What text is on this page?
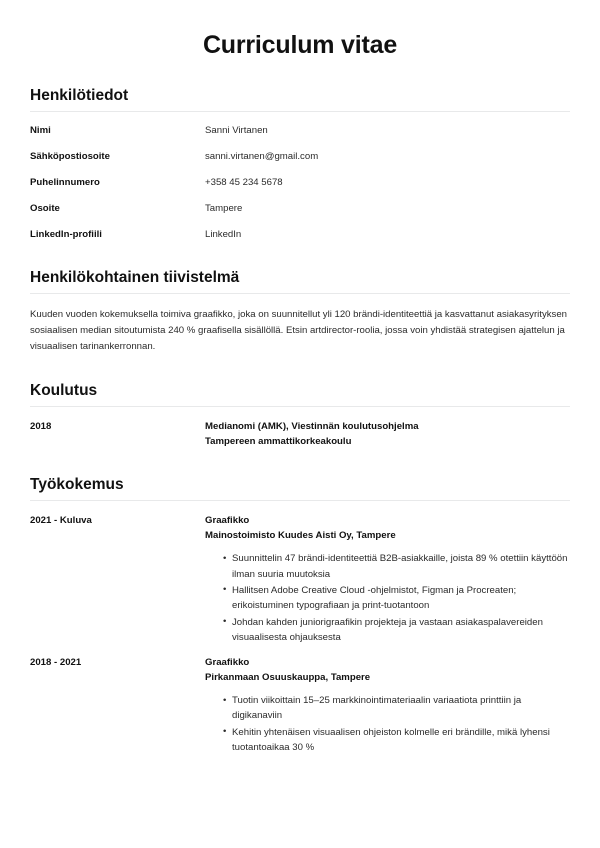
Curriculum vitae
Henkilötiedot
Nimi	Sanni Virtanen
Sähköpostiosoite	sanni.virtanen@gmail.com
Puhelinnumero	+358 45 234 5678
Osoite	Tampere
LinkedIn-profiili	LinkedIn
Henkilökohtainen tiivistelmä

Kuuden vuoden kokemuksella toimiva graafikko, joka on suunnitellut yli 120 brändi-identiteettiä ja kasvattanut asiakasyrityksen sosiaalisen median sitoutumista 240 % graafisella sisällöllä. Etsin artdirector-roolia, jossa voin yhdistää strategisen ajattelun ja visuaalisen tarinankerronnan.

Koulutus
2018	Medianomi (AMK), Viestinnän koulutusohjelma
Tampereen ammattikorkeakoulu
Työkokemus
2021 - Kuluva	Graafikko
Mainostoimisto Kuudes Aisti Oy, Tampere
• Suunnittelin 47 brändi-identiteettiä B2B-asiakkaille, joista 89 % otettiin käyttöön ilman suuria muutoksia
• Hallitsen Adobe Creative Cloud -ohjelmistot, Figman ja Procreaten; erikoistuminen typografiaan ja print-tuotantoon
• Johdan kahden juniorigraafikin projekteja ja vastaan asiakaspalavereiden visuaalisesta ohjauksesta
2018 - 2021	Graafikko
Pirkanmaan Osuuskauppa, Tampere
• Tuotin viikoittain 15–25 markkinointimateriaalin variaatiota printtiin ja digikanaviin
• Kehitin yhtenäisen visuaalisen ohjeiston kolmelle eri brändille, mikä lyhensi tuotantoaikaa 30 %
